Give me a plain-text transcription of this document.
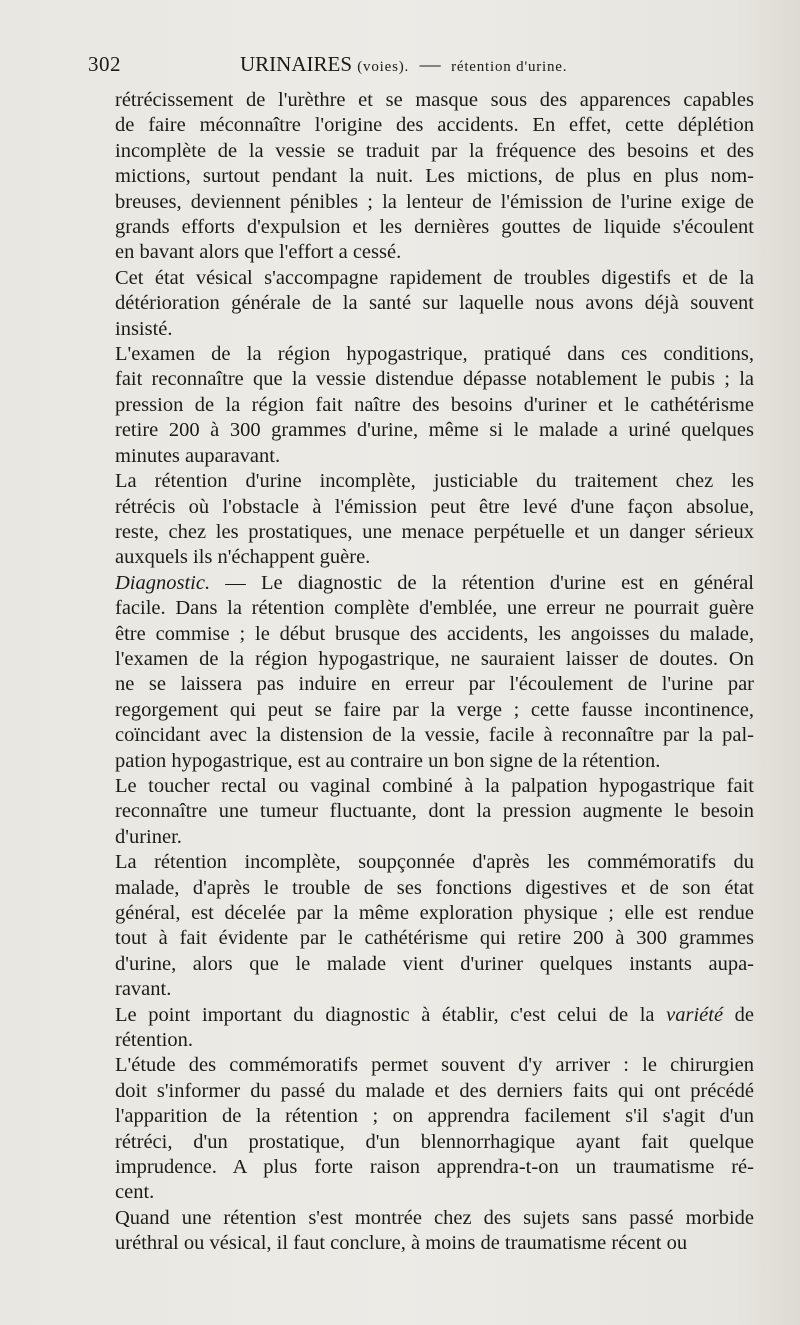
302	URINAIRES (voies). — rétention d'urine.

rétrécissement de l'urèthre et se masque sous des apparences capables
de faire méconnaître l'origine des accidents. En effet, cette déplétion
incomplète de la vessie se traduit par la fréquence des besoins et des
mictions, surtout pendant la nuit. Les mictions, de plus en plus nom-
breuses, deviennent pénibles ; la lenteur de l'émission de l'urine exige de
grands efforts d'expulsion et les dernières gouttes de liquide s'écoulent
en bavant alors que l'effort a cessé.

Cet état vésical s'accompagne rapidement de troubles digestifs et de la
détérioration générale de la santé sur laquelle nous avons déjà souvent
insisté.

L'examen de la région hypogastrique, pratiqué dans ces conditions,
fait reconnaître que la vessie distendue dépasse notablement le pubis ; la
pression de la région fait naître des besoins d'uriner et le cathétérisme
retire 200 à 300 grammes d'urine, même si le malade a uriné quelques
minutes auparavant.

La rétention d'urine incomplète, justiciable du traitement chez les
rétrécis où l'obstacle à l'émission peut être levé d'une façon absolue,
reste, chez les prostatiques, une menace perpétuelle et un danger sérieux
auxquels ils n'échappent guère.

Diagnostic. — Le diagnostic de la rétention d'urine est en général
facile. Dans la rétention complète d'emblée, une erreur ne pourrait guère
être commise ; le début brusque des accidents, les angoisses du malade,
l'examen de la région hypogastrique, ne sauraient laisser de doutes. On
ne se laissera pas induire en erreur par l'écoulement de l'urine par
regorgement qui peut se faire par la verge ; cette fausse incontinence,
coïncidant avec la distension de la vessie, facile à reconnaître par la pal-
pation hypogastrique, est au contraire un bon signe de la rétention.

Le toucher rectal ou vaginal combiné à la palpation hypogastrique fait
reconnaître une tumeur fluctuante, dont la pression augmente le besoin
d'uriner.

La rétention incomplète, soupçonnée d'après les commémoratifs du
malade, d'après le trouble de ses fonctions digestives et de son état
général, est décelée par la même exploration physique ; elle est rendue
tout à fait évidente par le cathétérisme qui retire 200 à 300 grammes
d'urine, alors que le malade vient d'uriner quelques instants aupa-
ravant.

Le point important du diagnostic à établir, c'est celui de la variété de
rétention.

L'étude des commémoratifs permet souvent d'y arriver : le chirurgien
doit s'informer du passé du malade et des derniers faits qui ont précédé
l'apparition de la rétention ; on apprendra facilement s'il s'agit d'un
rétréci, d'un prostatique, d'un blennorrhagique ayant fait quelque
imprudence. A plus forte raison apprendra-t-on un traumatisme ré-
cent.

Quand une rétention s'est montrée chez des sujets sans passé morbide
uréthral ou vésical, il faut conclure, à moins de traumatisme récent ou
